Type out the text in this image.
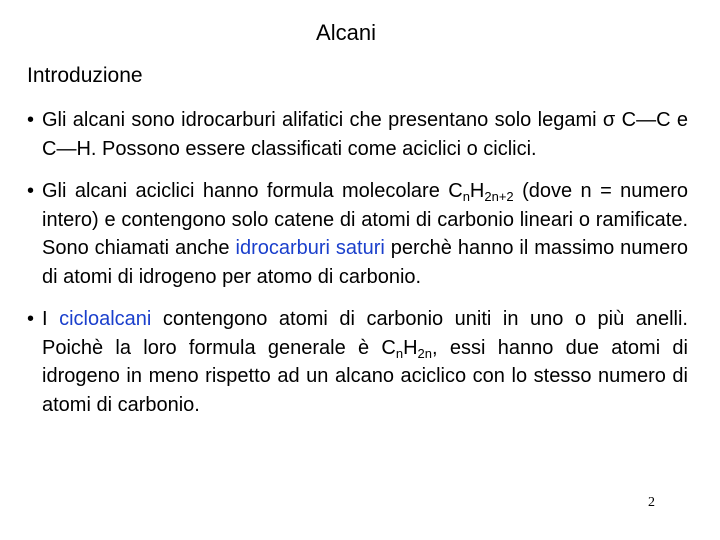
Alcani
Introduzione
• Gli alcani sono idrocarburi alifatici che presentano solo legami σ C—C e C—H. Possono essere classificati come aciclici o ciclici.
• Gli alcani aciclici hanno formula molecolare $C_nH_{2n+2}$ (dove n = numero intero) e contengono solo catene di atomi di carbonio lineari o ramificate. Sono chiamati anche idrocarburi saturi perchè hanno il massimo numero di atomi di idrogeno per atomo di carbonio.
• I cicloalcani contengono atomi di carbonio uniti in uno o più anelli. Poichè la loro formula generale è $C_nH_{2n}$, essi hanno due atomi di idrogeno in meno rispetto ad un alcano aciclico con lo stesso numero di atomi di carbonio.
2
